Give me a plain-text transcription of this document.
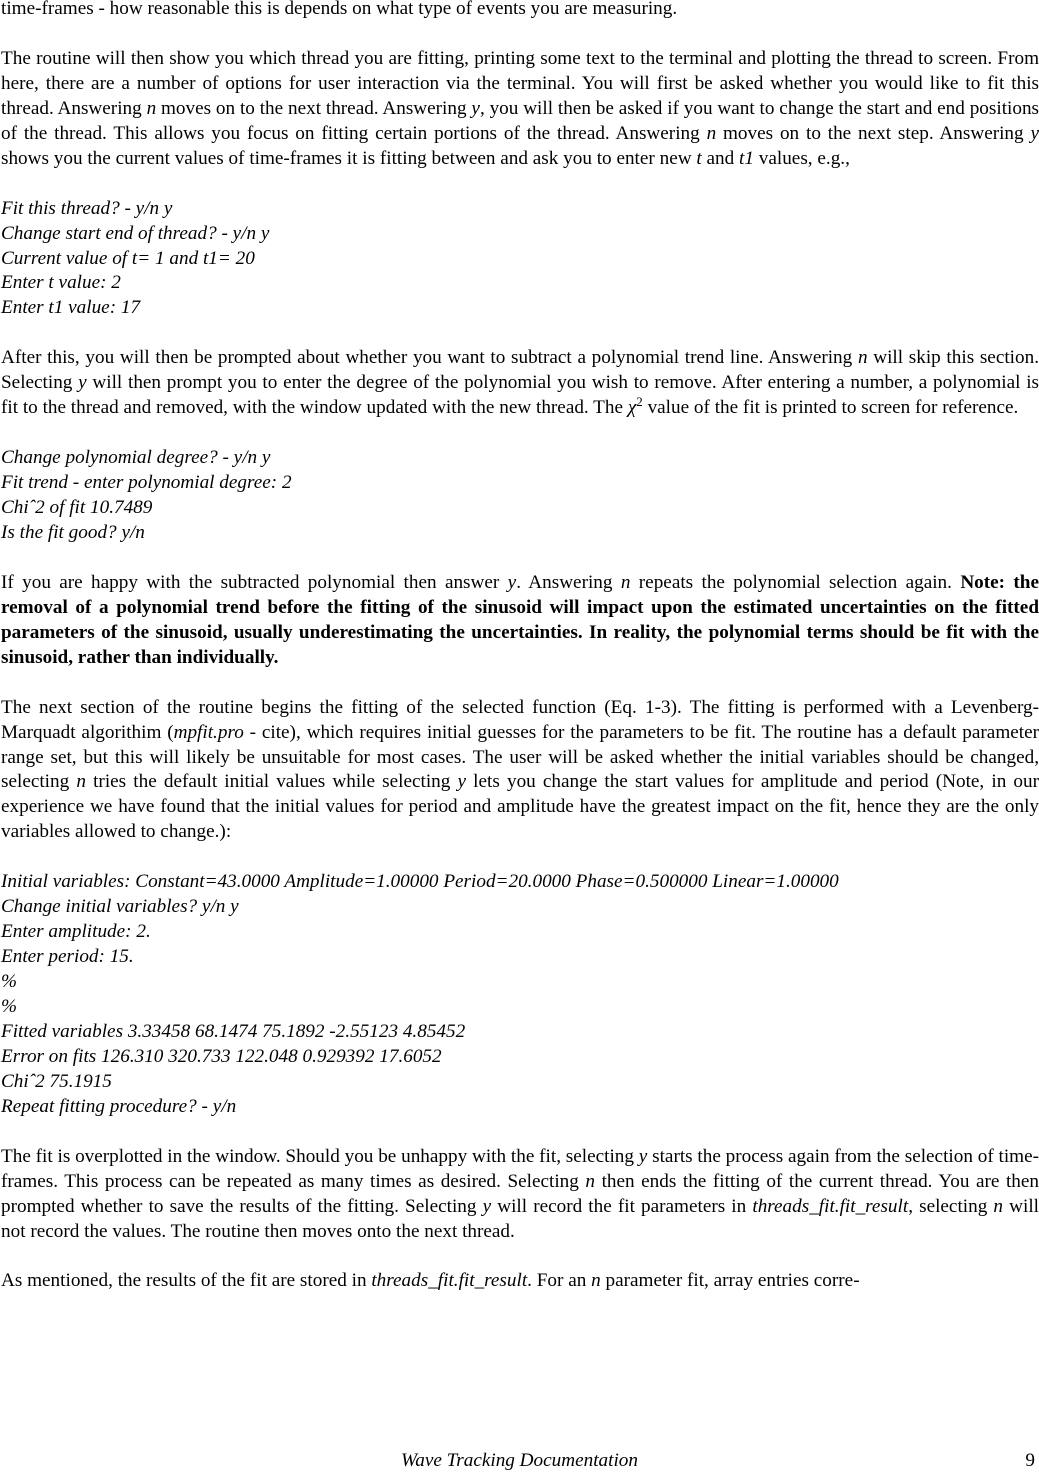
time-frames - how reasonable this is depends on what type of events you are measuring.

The routine will then show you which thread you are fitting, printing some text to the terminal and plotting the thread to screen. From here, there are a number of options for user interaction via the terminal. You will first be asked whether you would like to fit this thread. Answering n moves on to the next thread. Answering y, you will then be asked if you want to change the start and end positions of the thread. This allows you focus on fitting certain portions of the thread. Answering n moves on to the next step. Answering y shows you the current values of time-frames it is fitting between and ask you to enter new t and t1 values, e.g.,

Fit this thread? - y/n y
Change start end of thread? - y/n y
Current value of t= 1 and t1= 20
Enter t value: 2
Enter t1 value: 17

After this, you will then be prompted about whether you want to subtract a polynomial trend line. Answering n will skip this section. Selecting y will then prompt you to enter the degree of the polynomial you wish to remove. After entering a number, a polynomial is fit to the thread and removed, with the window updated with the new thread. The $\chi^2$ value of the fit is printed to screen for reference.

Change polynomial degree? - y/n y
Fit trend - enter polynomial degree: 2
Chiˆ2 of fit 10.7489
Is the fit good? y/n

If you are happy with the subtracted polynomial then answer y. Answering n repeats the polynomial selection again. Note: the removal of a polynomial trend before the fitting of the sinusoid will impact upon the estimated uncertainties on the fitted parameters of the sinusoid, usually underestimating the uncertainties. In reality, the polynomial terms should be fit with the sinusoid, rather than individually.

The next section of the routine begins the fitting of the selected function (Eq. 1-3). The fitting is performed with a Levenberg-Marquadt algorithim (mpfit.pro - cite), which requires initial guesses for the parameters to be fit. The routine has a default parameter range set, but this will likely be unsuitable for most cases. The user will be asked whether the initial variables should be changed, selecting n tries the default initial values while selecting y lets you change the start values for amplitude and period (Note, in our experience we have found that the initial values for period and amplitude have the greatest impact on the fit, hence they are the only variables allowed to change.):

Initial variables: Constant=43.0000 Amplitude=1.00000 Period=20.0000 Phase=0.500000 Linear=1.00000
Change initial variables? y/n y
Enter amplitude: 2.
Enter period: 15.
%
%
Fitted variables 3.33458 68.1474 75.1892 -2.55123 4.85452
Error on fits 126.310 320.733 122.048 0.929392 17.6052
Chiˆ2 75.1915
Repeat fitting procedure? - y/n

The fit is overplotted in the window. Should you be unhappy with the fit, selecting y starts the process again from the selection of time-frames. This process can be repeated as many times as desired. Selecting n then ends the fitting of the current thread. You are then prompted whether to save the results of the fitting. Selecting y will record the fit parameters in threads_fit.fit_result, selecting n will not record the values. The routine then moves onto the next thread.

As mentioned, the results of the fit are stored in threads_fit.fit_result. For an n parameter fit, array entries corre-

Wave Tracking Documentation	9
